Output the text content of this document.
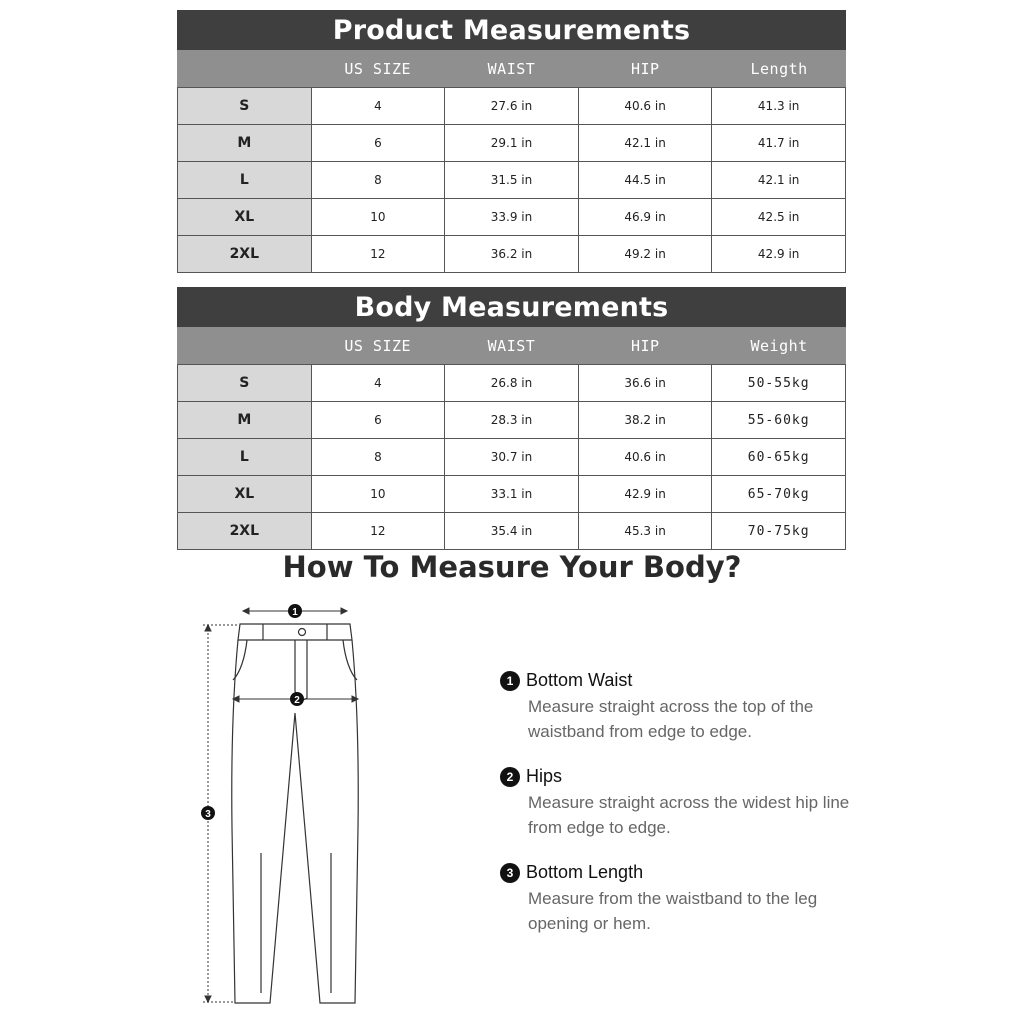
Product Measurements
US SIZE	WAIST	HIP	Length
S	4	27.6 in	40.6 in	41.3 in
M	6	29.1 in	42.1 in	41.7 in
L	8	31.5 in	44.5 in	42.1 in
XL	10	33.9 in	46.9 in	42.5 in
2XL	12	36.2 in	49.2 in	42.9 in
Body Measurements
US SIZE	WAIST	HIP	Weight
S	4	26.8 in	36.6 in	50-55kg
M	6	28.3 in	38.2 in	55-60kg
L	8	30.7 in	40.6 in	60-65kg
XL	10	33.1 in	42.9 in	65-70kg
2XL	12	35.4 in	45.3 in	70-75kg
How To Measure Your Body?
1
2
3
1 Bottom Waist
Measure straight across the top of the
waistband from edge to edge.
2 Hips
Measure straight across the widest hip line
from edge to edge.
3 Bottom Length
Measure from the waistband to the leg
opening or hem.
